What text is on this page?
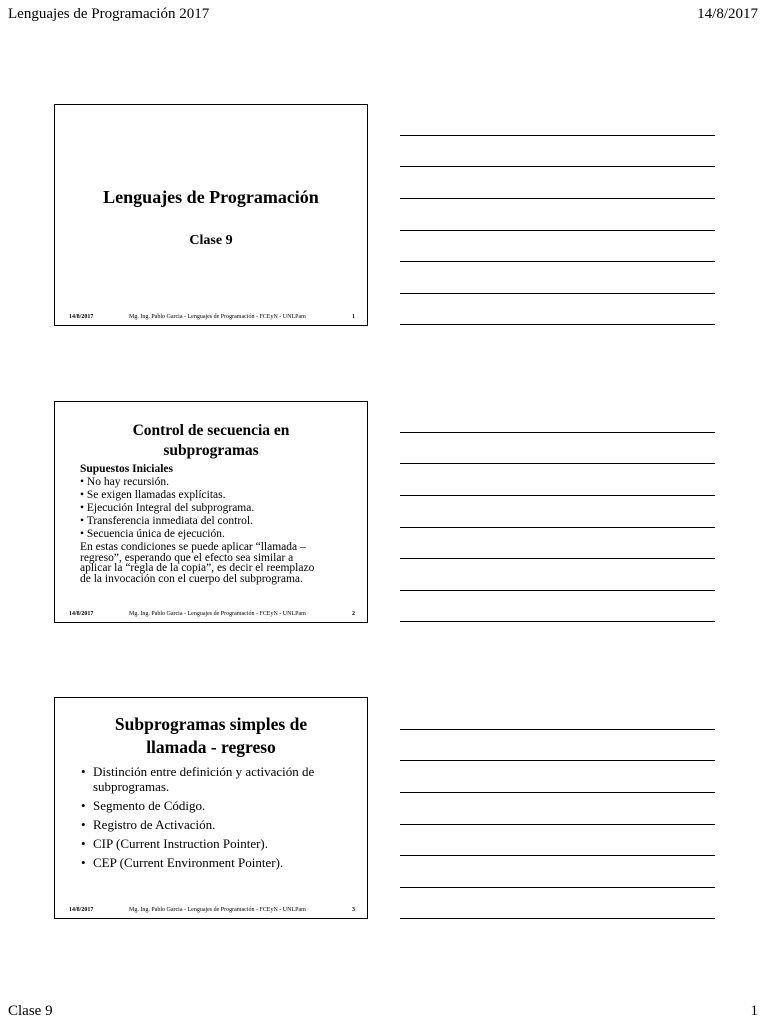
Lenguajes de Programación 2017	14/8/2017
Lenguajes de Programación
Clase 9
14/8/2017	Mg. Ing. Pablo Garcia - Lenguajes de Programación - FCEyN - UNLPam	1
Control de secuencia en
subprogramas
Supuestos Iniciales
• No hay recursión.
• Se exigen llamadas explícitas.
• Ejecución Integral del subprograma.
• Transferencia inmediata del control.
• Secuencia única de ejecución.
En estas condiciones se puede aplicar “llamada –
regreso”, esperando que el efecto sea similar a
aplicar la “regla de la copia”, es decir el reemplazo
de la invocación con el cuerpo del subprograma.
14/8/2017	Mg. Ing. Pablo Garcia - Lenguajes de Programación - FCEyN - UNLPam	2
Subprogramas simples de
llamada - regreso
• Distinción entre definición y activación de subprogramas.
• Segmento de Código.
• Registro de Activación.
• CIP (Current Instruction Pointer).
• CEP (Current Environment Pointer).
14/8/2017	Mg. Ing. Pablo Garcia - Lenguajes de Programación - FCEyN - UNLPam	3
Clase 9	1
